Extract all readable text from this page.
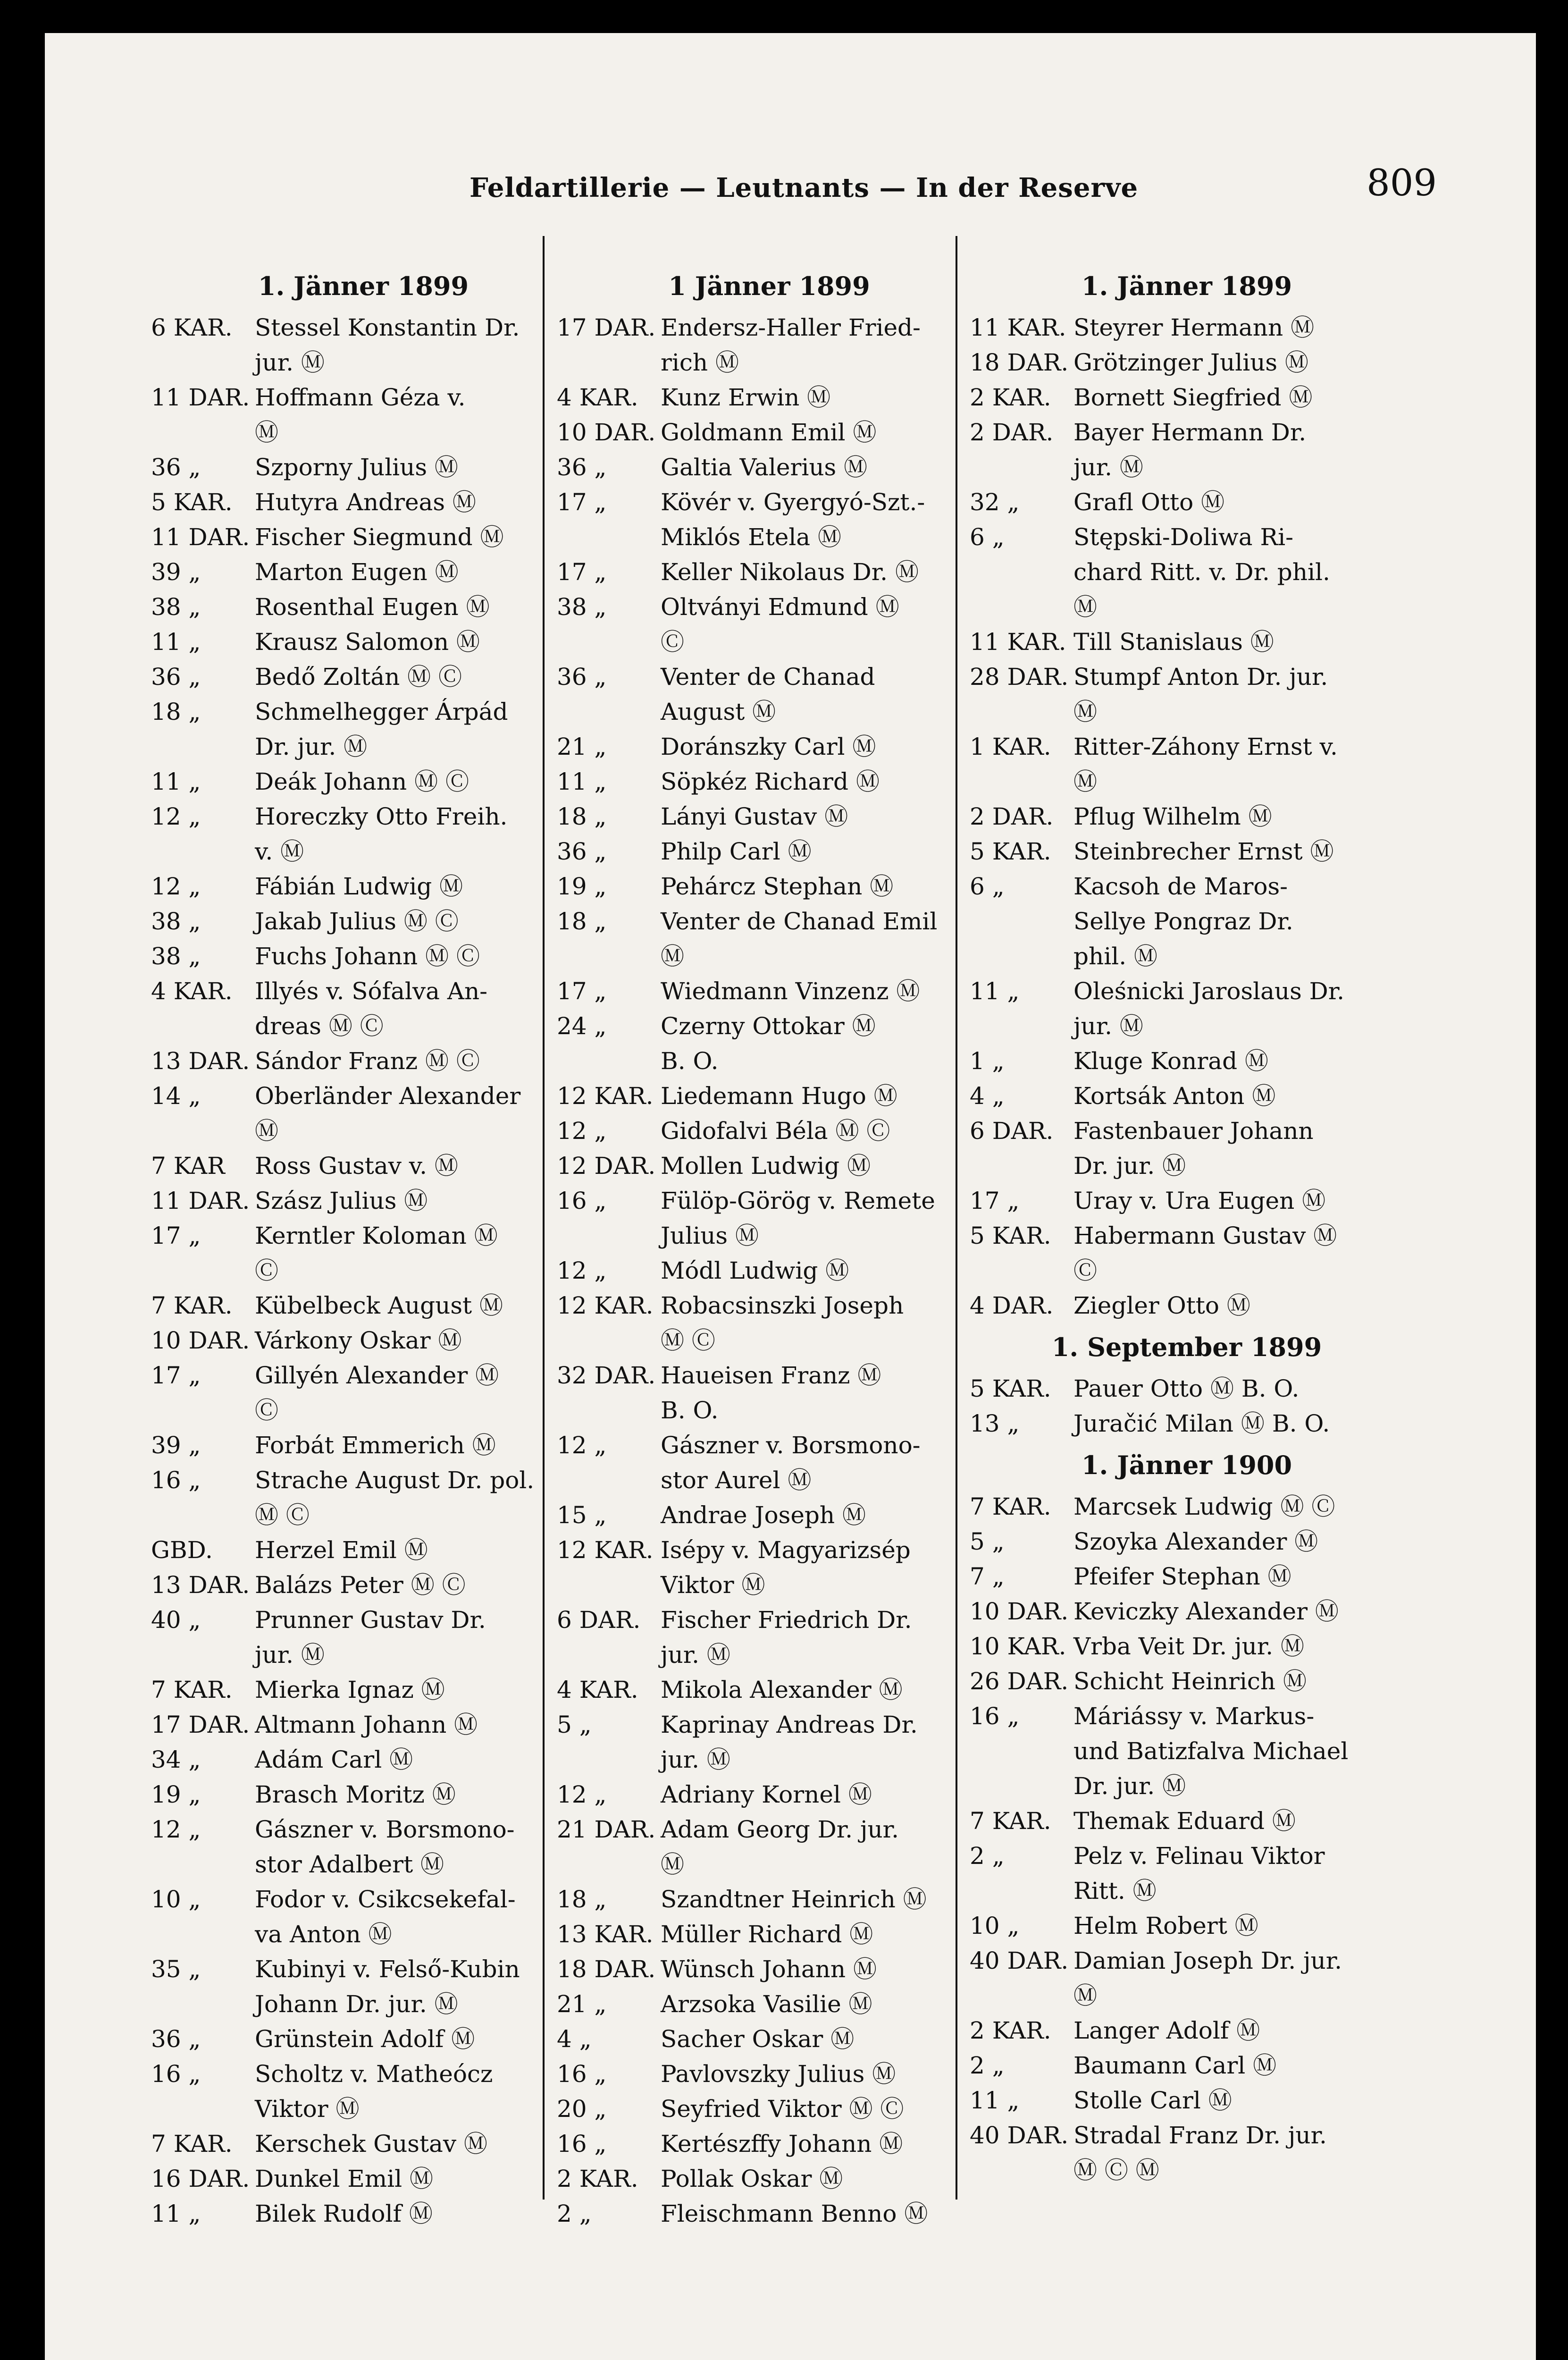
Feldartillerie — Leutnants — In der Reserve	809
1. Jänner 1899
6 KAR. Stessel Konstantin Dr.
jur. Ⓜ
11 DAR. Hoffmann Géza v.
Ⓜ
36 „	Szporny Julius Ⓜ
5 KAR. Hutyra Andreas Ⓜ
11 DAR. Fischer Siegmund Ⓜ
39 „	Marton Eugen Ⓜ
38 „	Rosenthal Eugen Ⓜ
11 „	Krausz Salomon Ⓜ
36 „	Bedő Zoltán Ⓜ Ⓒ
18 „	Schmelhegger Árpád
Dr. jur. Ⓜ
11 „	Deák Johann Ⓜ Ⓒ
12 „	Horeczky Otto Freih.
v. Ⓜ
12 „	Fábián Ludwig Ⓜ
38 „	Jakab Julius Ⓜ Ⓒ
38 „	Fuchs Johann Ⓜ Ⓒ
4 KAR. Illyés v. Sófalva An-
dreas Ⓜ Ⓒ
13 DAR. Sándor Franz Ⓜ Ⓒ
14 „	Oberländer Alexander
Ⓜ
7 KAR	Ross Gustav v. Ⓜ
11 DAR. Szász Julius Ⓜ
17 „	Kerntler Koloman Ⓜ
Ⓒ
7 KAR. Kübelbeck August Ⓜ
10 DAR. Várkony Oskar Ⓜ
17 „	Gillyén Alexander Ⓜ
Ⓒ
39 „	Forbát Emmerich Ⓜ
16 „	Strache August Dr. pol.
Ⓜ Ⓒ
GBD.	Herzel Emil Ⓜ
13 DAR. Balázs Peter Ⓜ Ⓒ
40 „	Prunner Gustav Dr.
jur. Ⓜ
7 KAR. Mierka Ignaz Ⓜ
17 DAR. Altmann Johann Ⓜ
34 „	Adám Carl Ⓜ
19 „	Brasch Moritz Ⓜ
12 „	Gászner v. Borsmono-
stor Adalbert Ⓜ
10 „	Fodor v. Csikcsekefal-
va Anton Ⓜ
35 „	Kubinyi v. Felső-Kubin
Johann Dr. jur. Ⓜ
36 „	Grünstein Adolf Ⓜ
16 „	Scholtz v. Matheócz
Viktor Ⓜ
7 KAR. Kerschek Gustav Ⓜ
16 DAR. Dunkel Emil Ⓜ
11 „	Bilek Rudolf Ⓜ
1 Jänner 1899
17 DAR. Endersz-Haller Fried-
rich Ⓜ
4 KAR. Kunz Erwin Ⓜ
10 DAR. Goldmann Emil Ⓜ
36 „	Galtia Valerius Ⓜ
17 „	Kövér v. Gyergyó-Szt.-
Miklós Etela Ⓜ
17 „	Keller Nikolaus Dr. Ⓜ
38 „	Oltványi Edmund Ⓜ
Ⓒ
36 „	Venter de Chanad
August Ⓜ
21 „	Doránszky Carl Ⓜ
11 „	Söpkéz Richard Ⓜ
18 „	Lányi Gustav Ⓜ
36 „	Philp Carl Ⓜ
19 „	Pehárcz Stephan Ⓜ
18 „	Venter de Chanad Emil
Ⓜ
17 „	Wiedmann Vinzenz Ⓜ
24 „	Czerny Ottokar Ⓜ
B. O.
12 KAR. Liedemann Hugo Ⓜ
12 „	Gidofalvi Béla Ⓜ Ⓒ
12 DAR. Mollen Ludwig Ⓜ
16 „	Fülöp-Görög v. Remete
Julius Ⓜ
12 „	Módl Ludwig Ⓜ
12 KAR. Robacsinszki Joseph
Ⓜ Ⓒ
32 DAR. Haueisen Franz Ⓜ
B. O.
12 „	Gászner v. Borsmono-
stor Aurel Ⓜ
15 „	Andrae Joseph Ⓜ
12 KAR. Isépy v. Magyarizsép
Viktor Ⓜ
6 DAR. Fischer Friedrich Dr.
jur. Ⓜ
4 KAR. Mikola Alexander Ⓜ
5 „	Kaprinay Andreas Dr.
jur. Ⓜ
12 „	Adriany Kornel Ⓜ
21 DAR. Adam Georg Dr. jur.
Ⓜ
18 „	Szandtner Heinrich Ⓜ
13 KAR. Müller Richard Ⓜ
18 DAR. Wünsch Johann Ⓜ
21 „	Arzsoka Vasilie Ⓜ
4 „	Sacher Oskar Ⓜ
16 „	Pavlovszky Julius Ⓜ
20 „	Seyfried Viktor Ⓜ Ⓒ
16 „	Kertészffy Johann Ⓜ
2 KAR. Pollak Oskar Ⓜ
2 „	Fleischmann Benno Ⓜ
1. Jänner 1899
11 KAR. Steyrer Hermann Ⓜ
18 DAR. Grötzinger Julius Ⓜ
2 KAR. Bornett Siegfried Ⓜ
2 DAR. Bayer Hermann Dr.
jur. Ⓜ
32 „	Grafl Otto Ⓜ
6 „	Stępski-Doliwa Ri-
chard Ritt. v. Dr. phil.
Ⓜ
11 KAR. Till Stanislaus Ⓜ
28 DAR. Stumpf Anton Dr. jur.
Ⓜ
1 KAR. Ritter-Záhony Ernst v.
Ⓜ
2 DAR. Pflug Wilhelm Ⓜ
5 KAR. Steinbrecher Ernst Ⓜ
6 „	Kacsoh de Maros-
Sellye Pongraz Dr.
phil. Ⓜ
11 „	Oleśnicki Jaroslaus Dr.
jur. Ⓜ
1 „	Kluge Konrad Ⓜ
4 „	Kortsák Anton Ⓜ
6 DAR. Fastenbauer Johann
Dr. jur. Ⓜ
17 „	Uray v. Ura Eugen Ⓜ
5 KAR. Habermann Gustav Ⓜ
Ⓒ
4 DAR. Ziegler Otto Ⓜ
1. September 1899
5 KAR. Pauer Otto Ⓜ B. O.
13 „	Juračić Milan Ⓜ B. O.
1. Jänner 1900
7 KAR. Marcsek Ludwig Ⓜ Ⓒ
5 „	Szoyka Alexander Ⓜ
7 „	Pfeifer Stephan Ⓜ
10 DAR. Keviczky Alexander Ⓜ
10 KAR. Vrba Veit Dr. jur. Ⓜ
26 DAR. Schicht Heinrich Ⓜ
16 „	Máriássy v. Markus-
und Batizfalva Michael
Dr. jur. Ⓜ
7 KAR. Themak Eduard Ⓜ
2 „	Pelz v. Felinau Viktor
Ritt. Ⓜ
10 „	Helm Robert Ⓜ
40 DAR. Damian Joseph Dr. jur.
Ⓜ
2 KAR. Langer Adolf Ⓜ
2 „	Baumann Carl Ⓜ
11 „	Stolle Carl Ⓜ
40 DAR. Stradal Franz Dr. jur.
Ⓜ Ⓒ Ⓜ
